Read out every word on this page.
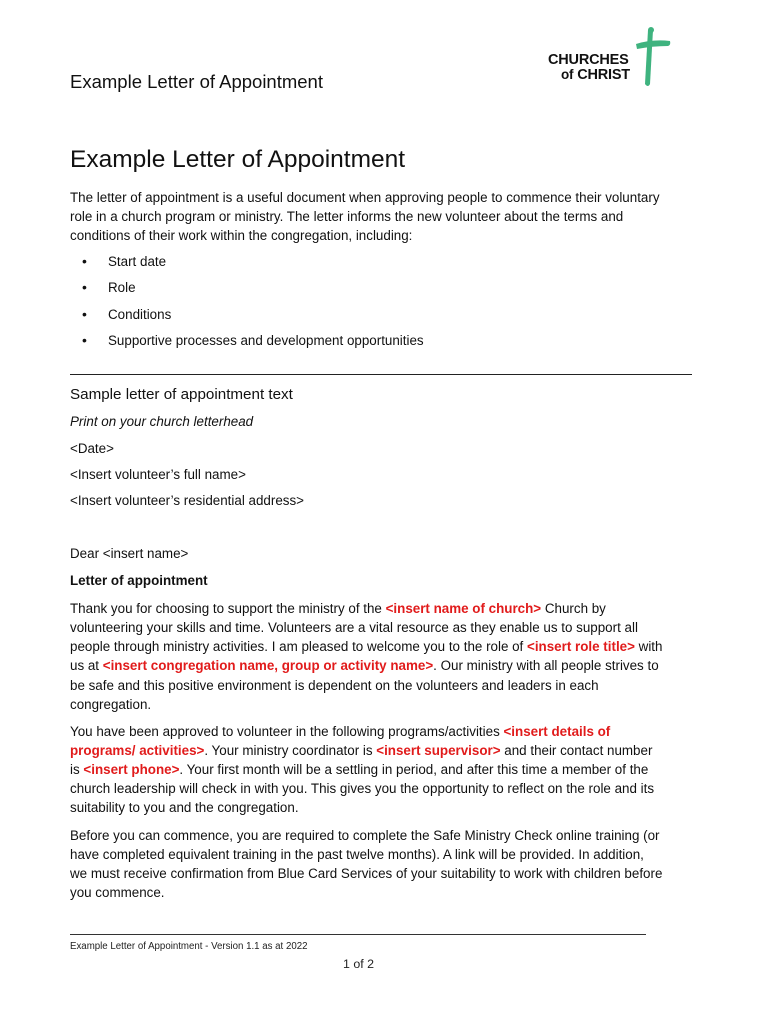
Example Letter of Appointment
CHURCHES
of CHRIST
Example Letter of Appointment
The letter of appointment is a useful document when approving people to commence their voluntary
role in a church program or ministry. The letter informs the new volunteer about the terms and
conditions of their work within the congregation, including:
• Start date
• Role
• Conditions
• Supportive processes and development opportunities
Sample letter of appointment text
Print on your church letterhead
<Date>
<Insert volunteer’s full name>
<Insert volunteer’s residential address>
Dear <insert name>
Letter of appointment
Thank you for choosing to support the ministry of the <insert name of church> Church by
volunteering your skills and time. Volunteers are a vital resource as they enable us to support all
people through ministry activities. I am pleased to welcome you to the role of <insert role title> with
us at <insert congregation name, group or activity name>. Our ministry with all people strives to
be safe and this positive environment is dependent on the volunteers and leaders in each
congregation.
You have been approved to volunteer in the following programs/activities <insert details of
programs/ activities>. Your ministry coordinator is <insert supervisor> and their contact number
is <insert phone>. Your first month will be a settling in period, and after this time a member of the
church leadership will check in with you. This gives you the opportunity to reflect on the role and its
suitability to you and the congregation.
Before you can commence, you are required to complete the Safe Ministry Check online training (or
have completed equivalent training in the past twelve months). A link will be provided. In addition,
we must receive confirmation from Blue Card Services of your suitability to work with children before
you commence.
Example Letter of Appointment - Version 1.1 as at 2022
1 of 2
